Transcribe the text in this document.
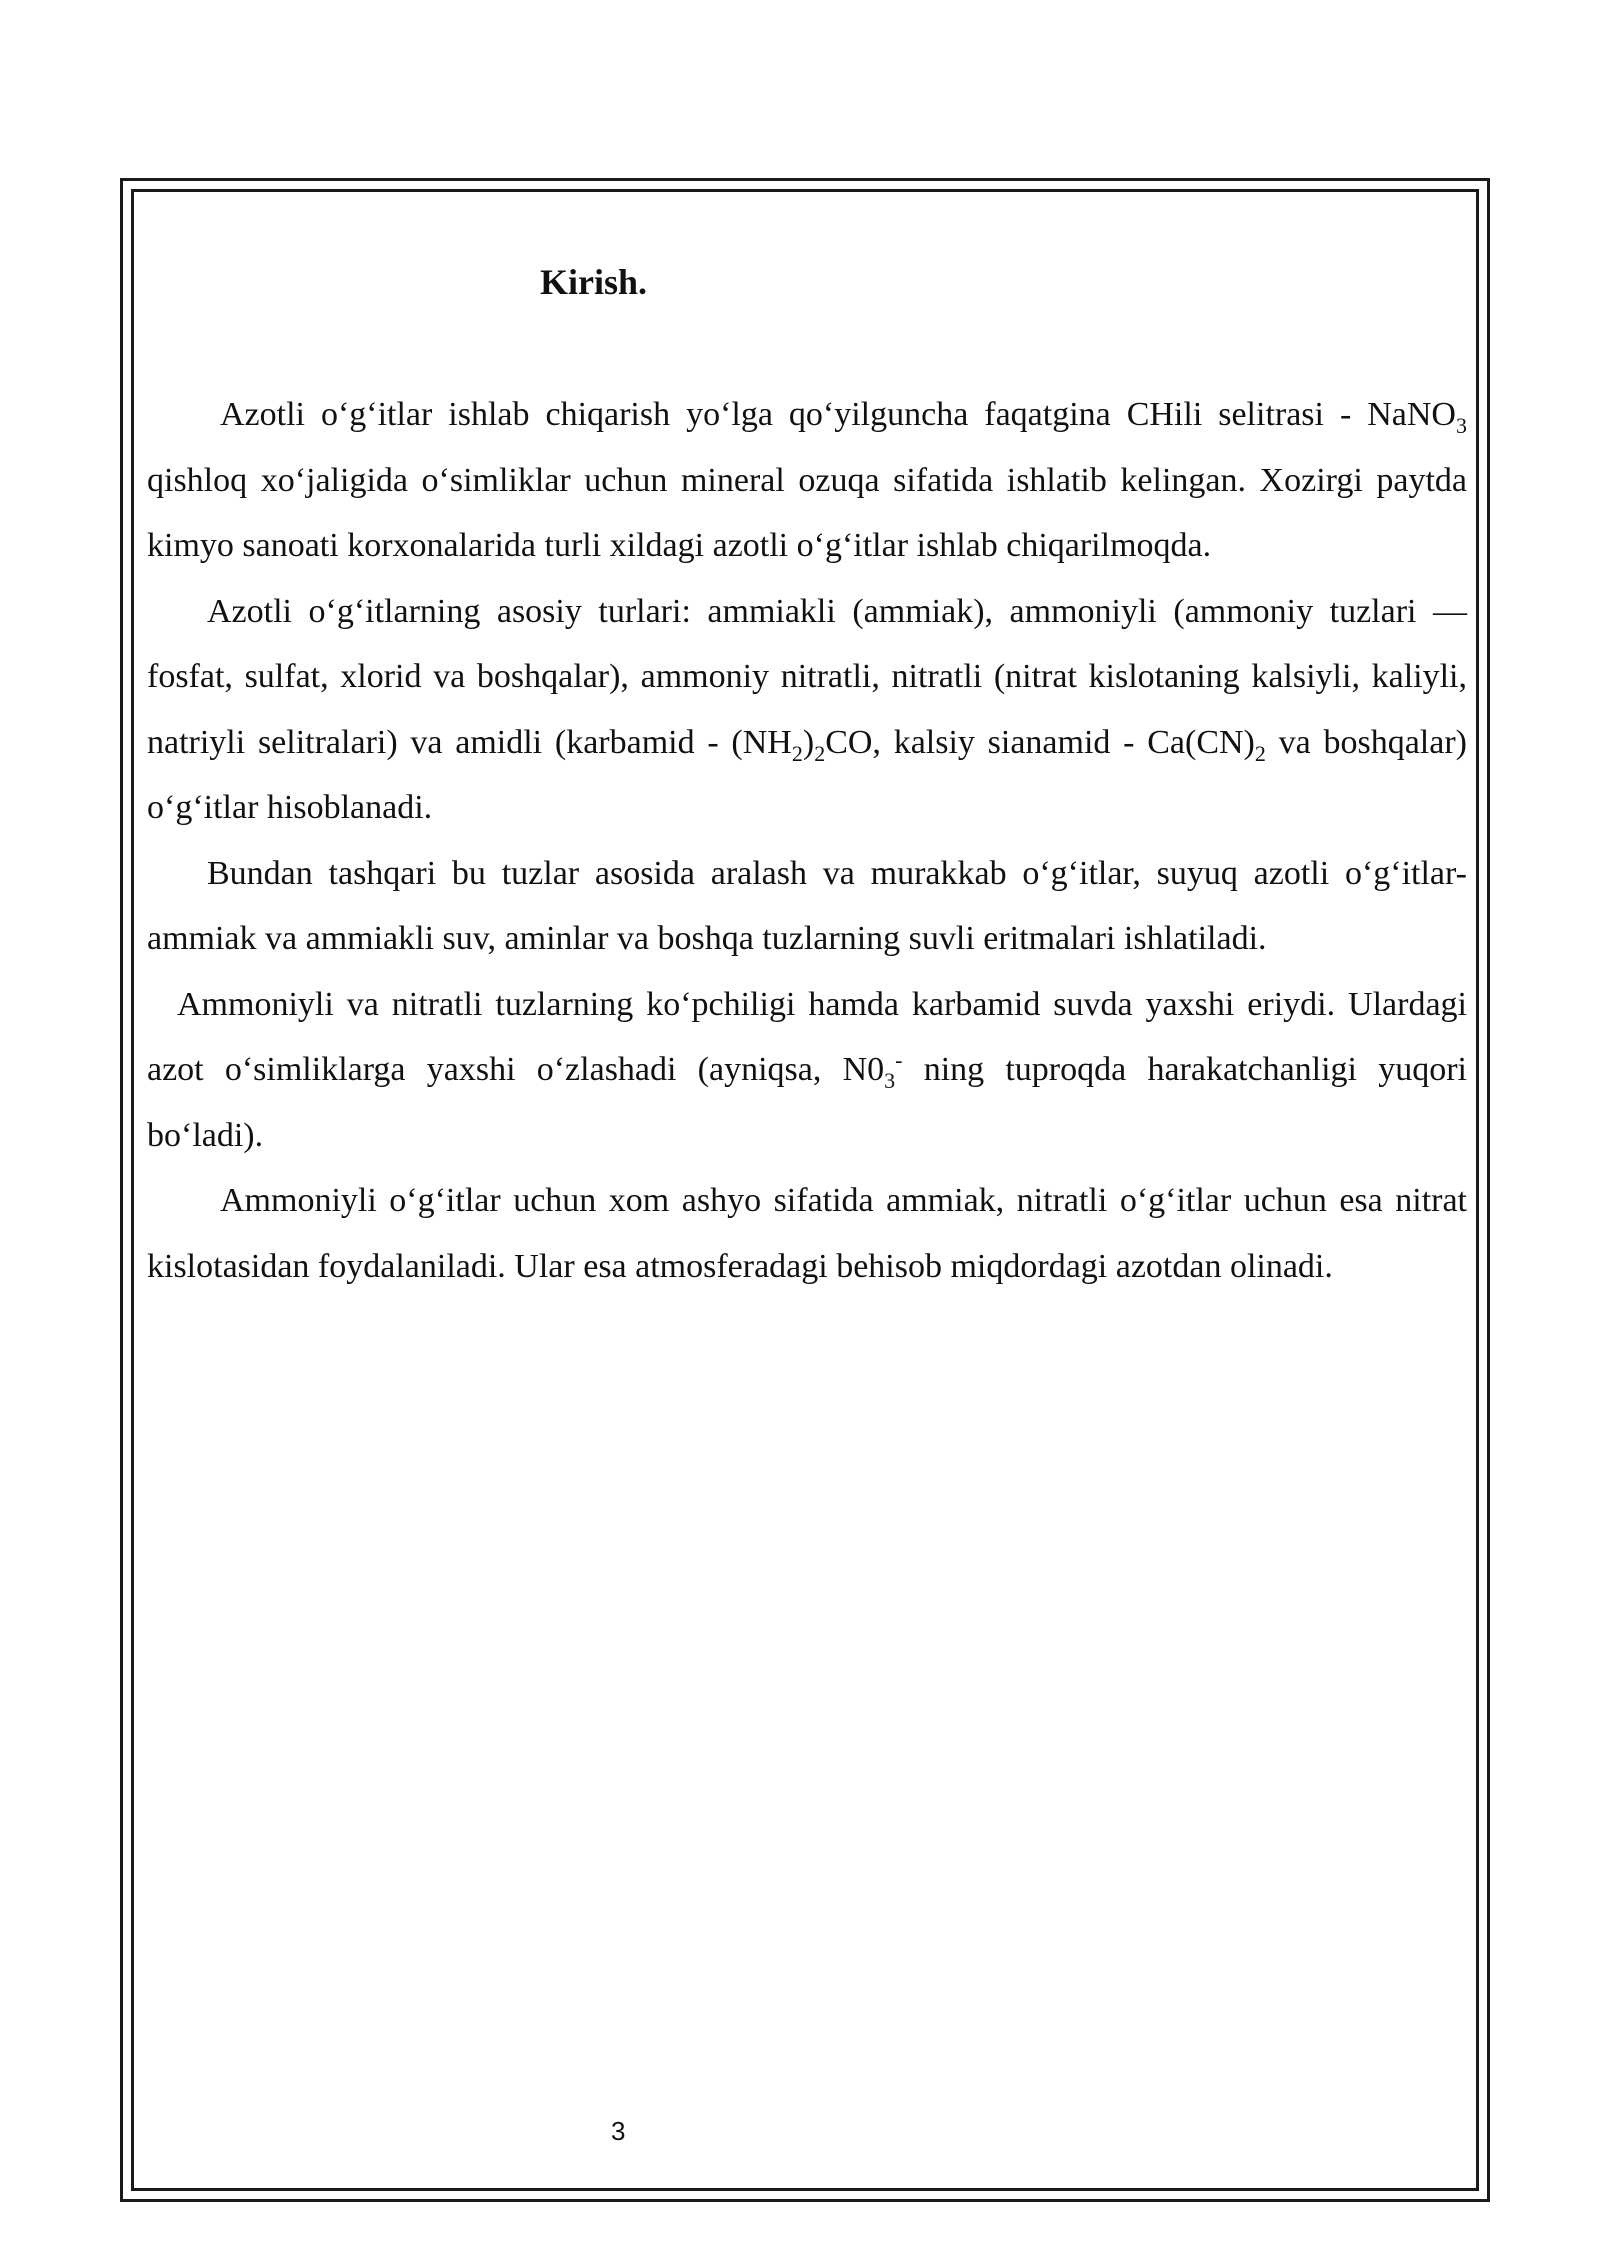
Kirish.

Azotli o‘g‘itlar ishlab chiqarish yo‘lga qo‘yilguncha faqatgina CHili selitrasi - NaNO$_3$ qishloq xo‘jaligida o‘simliklar uchun mineral ozuqa sifatida ishlatib kelingan. Xozirgi paytda kimyo sanoati korxonalarida turli xildagi azotli o‘g‘itlar ishlab chiqarilmoqda.

Azotli o‘g‘itlarning asosiy turlari: ammiakli (ammiak), ammoniyli (ammoniy tuzlari — fosfat, sulfat, xlorid va boshqalar), ammoniy nitratli, nitratli (nitrat kislotaning kalsiyli, kaliyli, natriyli selitralari) va amidli (karbamid - $(NH_2)_2CO$, kalsiy sianamid - $Ca(CN)_2$ va boshqalar) o‘g‘itlar hisoblanadi.

Bundan tashqari bu tuzlar asosida aralash va murakkab o‘g‘itlar, suyuq azotli o‘g‘itlar- ammiak va ammiakli suv, aminlar va boshqa tuzlarning suvli eritmalari ishlatiladi.

Ammoniyli va nitratli tuzlarning ko‘pchiligi hamda karbamid suvda yaxshi eriydi. Ulardagi azot o‘simliklarga yaxshi o‘zlashadi (ayniqsa, $N0_3^-$ ning tuproqda harakatchanligi yuqori bo‘ladi).

Ammoniyli o‘g‘itlar uchun xom ashyo sifatida ammiak, nitratli o‘g‘itlar uchun esa nitrat kislotasidan foydalaniladi. Ular esa atmosferadagi behisob miqdordagi azotdan olinadi.

3
